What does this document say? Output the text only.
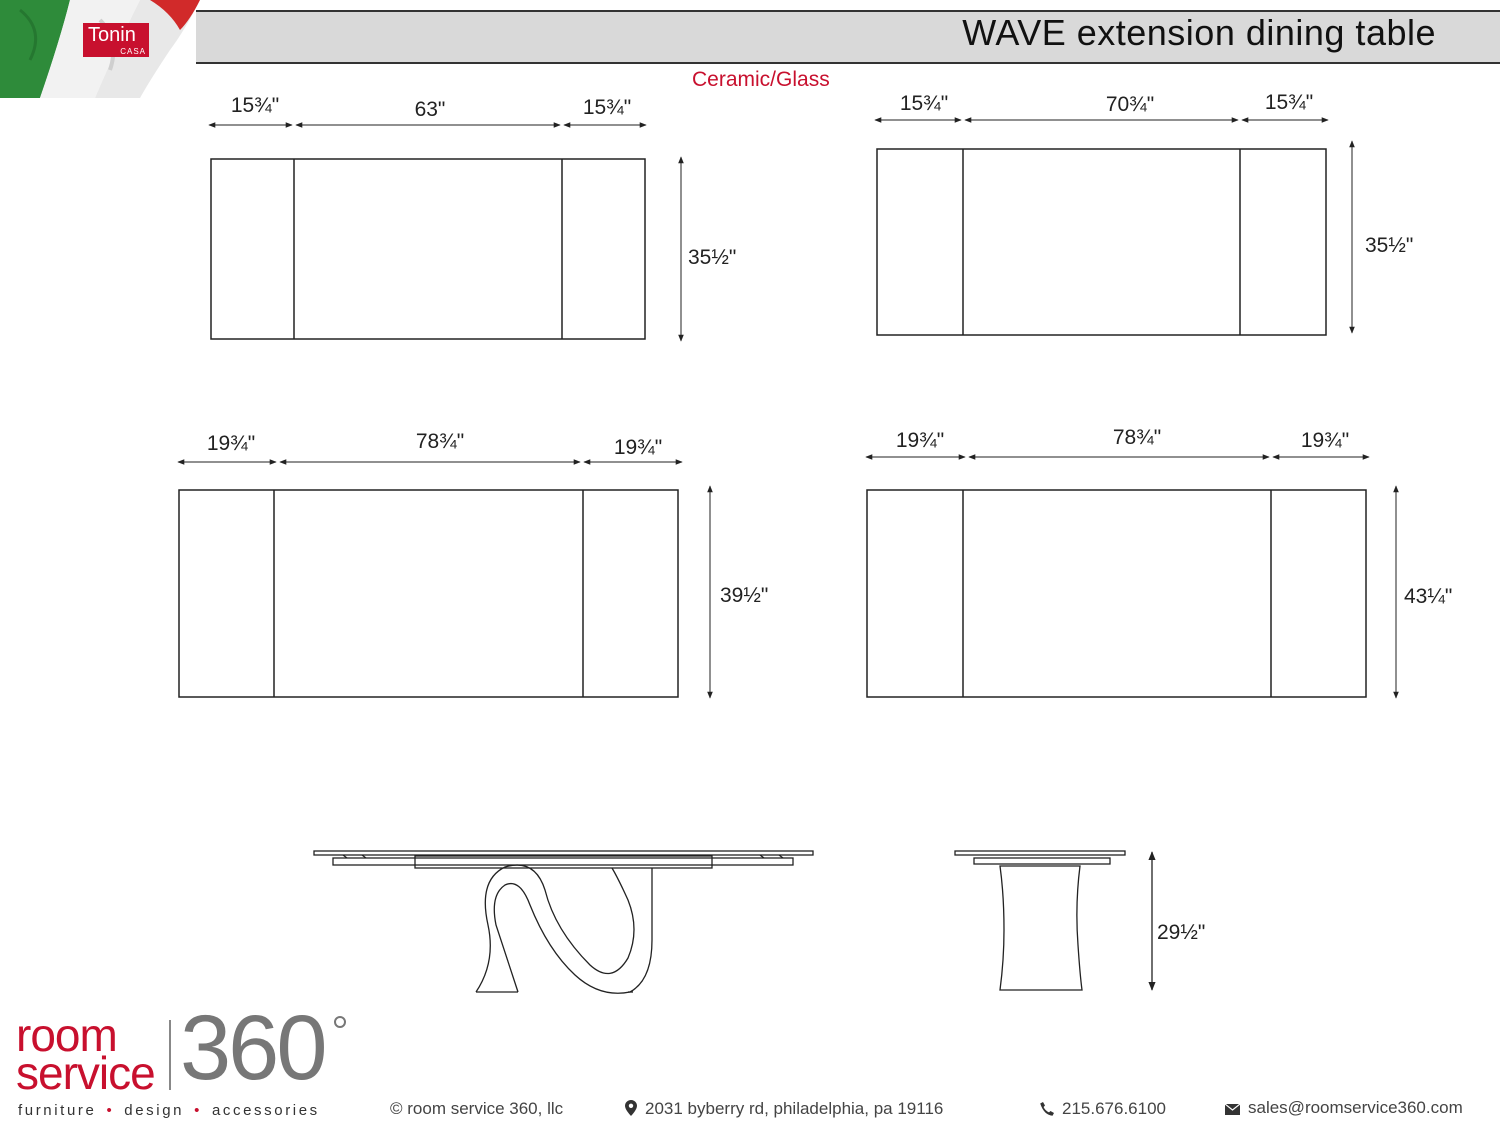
Tonin
CASA	WAVE extension dining table
Ceramic/Glass
15¾"	63"	15¾"
35½"
15¾"	70¾"	15¾"
35½"
19¾"	78¾"	19¾"
39½"
19¾"	78¾"	19¾"
43¼"
29½"
room
service 360
furniture • design • accessories	© room service 360, llc	2031 byberry rd, philadelphia, pa 19116	215.676.6100	sales@roomservice360.com
